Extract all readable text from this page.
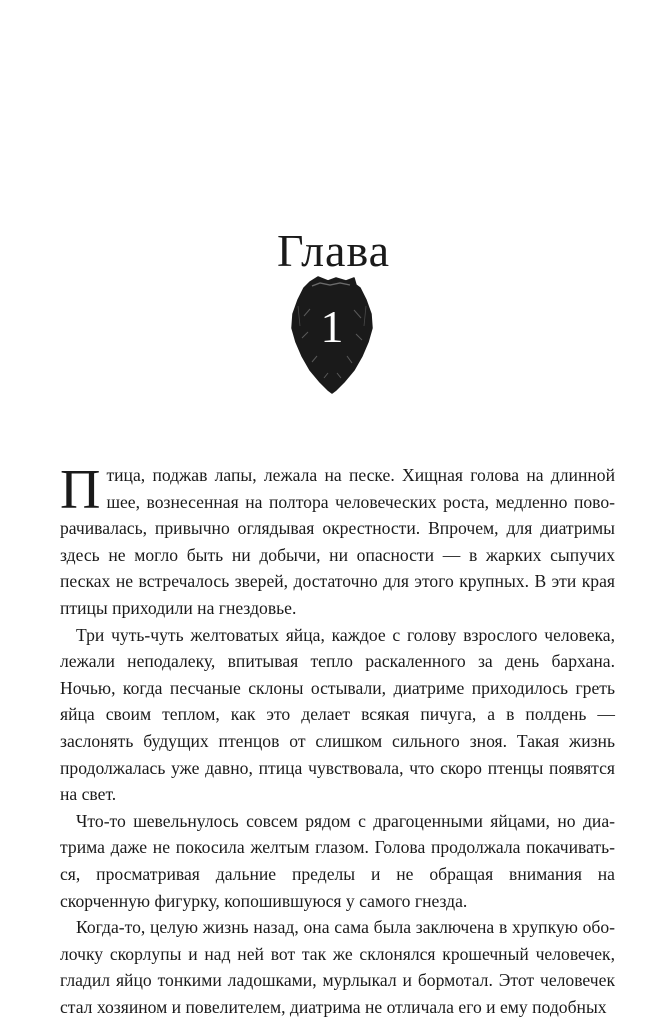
Глава
1

Птица, поджав лапы, лежала на песке. Хищная голова на длинной шее, вознесенная на полтора человеческих роста, медленно поворачивалась, привычно оглядывая окрестности. Впрочем, для диатримы здесь не могло быть ни добычи, ни опасности — в жарких сыпучих песках не встречалось зверей, достаточно для этого крупных. В эти края птицы приходили на гнездовье.

Три чуть-чуть желтоватых яйца, каждое с голову взрослого человека, лежали неподалеку, впитывая тепло раскаленного за день бархана. Ночью, когда песчаные склоны остывали, диатриме приходилось греть яйца своим теплом, как это делает всякая пичуга, а в полдень — заслонять будущих птенцов от слишком сильного зноя. Такая жизнь продолжалась уже давно, птица чувствовала, что скоро птенцы появятся на свет.

Что-то шевельнулось совсем рядом с драгоценными яйцами, но диатрима даже не покосила желтым глазом. Голова продолжала покачиваться, просматривая дальние пределы и не обращая внимания на скорченную фигурку, копошившуюся у самого гнезда.

Когда-то, целую жизнь назад, она сама была заключена в хрупкую оболочку скорлупы и над ней вот так же склонялся крошечный человечек, гладил яйцо тонкими ладошками, мурлыкал и бормотал. Этот человечек стал хозяином и повелителем, диатрима не отличала его и ему подобных
